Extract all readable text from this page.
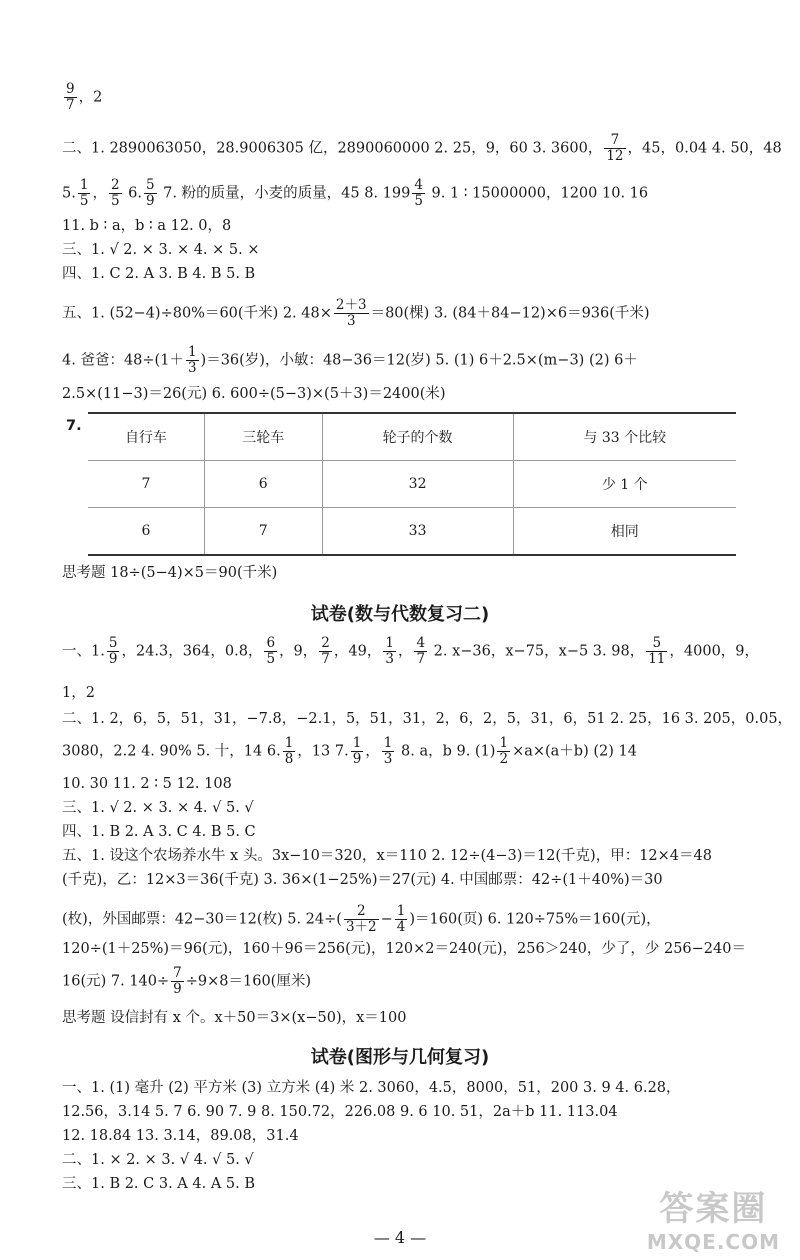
$\frac{9}{7}$ ，2
二、1. 2890063050，28.9006305 亿，2890060000 2. 25，9，60 3. 3600， $\frac{7}{12}$ ，45，0.04 4. 50，48
5. $\frac{1}{5}$ ， $\frac{2}{5} 6$. $\frac{5}{9} 7$. 粉的质量，小麦的质量，45 8. $199 \frac{4}{5} 9$. 1 ∶ 15000000，1200 10. 16
11. b ∶ a，b ∶ a 12. 0，8
三、1. √ 2. × 3. × 4. × 5. ×
四、1. C 2. A 3. B 4. B 5. B
五、1. (52−4)÷80%＝60(千米) 2. $48\times \frac{2+3}{3} =80$(棵) 3. (84＋84−12)×6＝936(千米)
4. 爸爸：$48\div(1+ \frac{1}{3} )=36$(岁)，小敏：48−36＝12(岁) 5. (1) 6＋2.5×(m−3) (2) 6＋
2.5×(11−3)＝26(元) 6. 600÷(5−3)×(5＋3)＝2400(米)
7.
自行车	三轮车	轮子的个数	与 33 个比较
7	6	32	少 1 个
6	7	33	相同
思考题 18÷(5−4)×5＝90(千米)
试卷(数与代数复习二)
一、1. $\frac{5}{9}$ ，24.3，364，0.8， $\frac{6}{5}$ ，9， $\frac{2}{7}$ ，49， $\frac{1}{3}$ ， $\frac{4}{7} 2$. x−36，x−75，x−5 3. 98， $\frac{5}{11}$ ，4000，9，
1，2
二、1. 2，6，5，51，31，−7.8，−2.1，5，51，31，2，6，2，5，31，6，51 2. 25，16 3. 205，0.05，
3080，2.2 4. 90% 5. 十，14 6. $\frac{1}{8}$ ，13 7. $\frac{1}{9}$ ， $\frac{1}{3} 8$. a，b 9. $(1) \frac{1}{2} \times a\times(a+b)$ (2) 14
10. 30 11. 2 ∶ 5 12. 108
三、1. √ 2. × 3. × 4. √ 5. √
四、1. B 2. A 3. C 4. B 5. C
五、1. 设这个农场养水牛 x 头。3x−10＝320，x＝110 2. 12÷(4−3)＝12(千克)，甲：12×4＝48
(千克)，乙：12×3＝36(千克) 3. 36×(1−25%)＝27(元) 4. 中国邮票：42÷(1＋40%)＝30
(枚)，外国邮票：42−30＝12(枚) 5. $24\div( \frac{2}{3+2} - \frac{1}{4} )=160$(页) 6. 120÷75%＝160(元)，
120÷(1＋25%)＝96(元)，160＋96＝256(元)，120×2＝240(元)，256＞240，少了，少 256−240＝
16(元) 7. $140\div \frac{7}{9} \div 9\times 8=160$(厘米)
思考题 设信封有 x 个。x＋50＝3×(x−50)，x＝100
试卷(图形与几何复习)
一、1. (1) 毫升 (2) 平方米 (3) 立方米 (4) 米 2. 3060，4.5，8000，51，200 3. 9 4. 6.28，
12.56，3.14 5. 7 6. 90 7. 9 8. 150.72，226.08 9. 6 10. 51，2a＋b 11. 113.04
12. 18.84 13. 3.14，89.08，31.4
二、1. × 2. × 3. √ 4. √ 5. √
三、1. B 2. C 3. A 4. A 5. B
— 4 —
答案圈
MXQE.COM
